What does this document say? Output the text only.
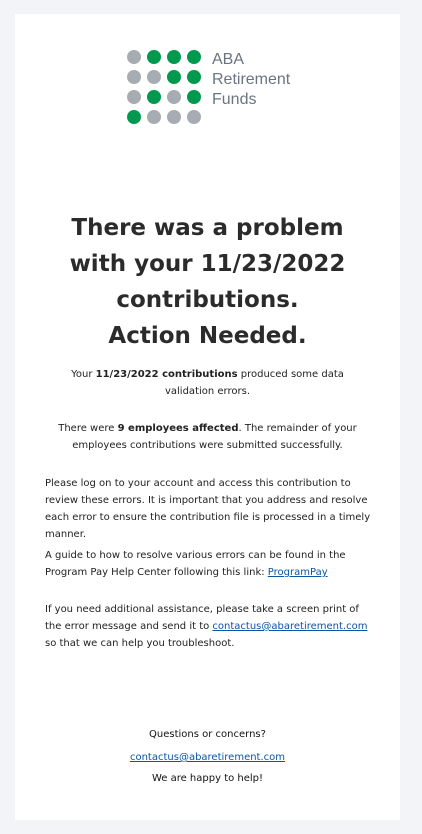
ABA
Retirement
Funds
There was a problem
with your 11/23/2022
contributions.
Action Needed.
Your 11/23/2022 contributions produced some data validation errors.
There were 9 employees affected. The remainder of your employees contributions were submitted successfully.
Please log on to your account and access this contribution to review these errors. It is important that you address and resolve each error to ensure the contribution file is processed in a timely manner.
A guide to how to resolve various errors can be found in the Program Pay Help Center following this link: ProgramPay
If you need additional assistance, please take a screen print of the error message and send it to contactus@abaretirement.com so that we can help you troubleshoot.
Questions or concerns?
contactus@abaretirement.com
We are happy to help!
